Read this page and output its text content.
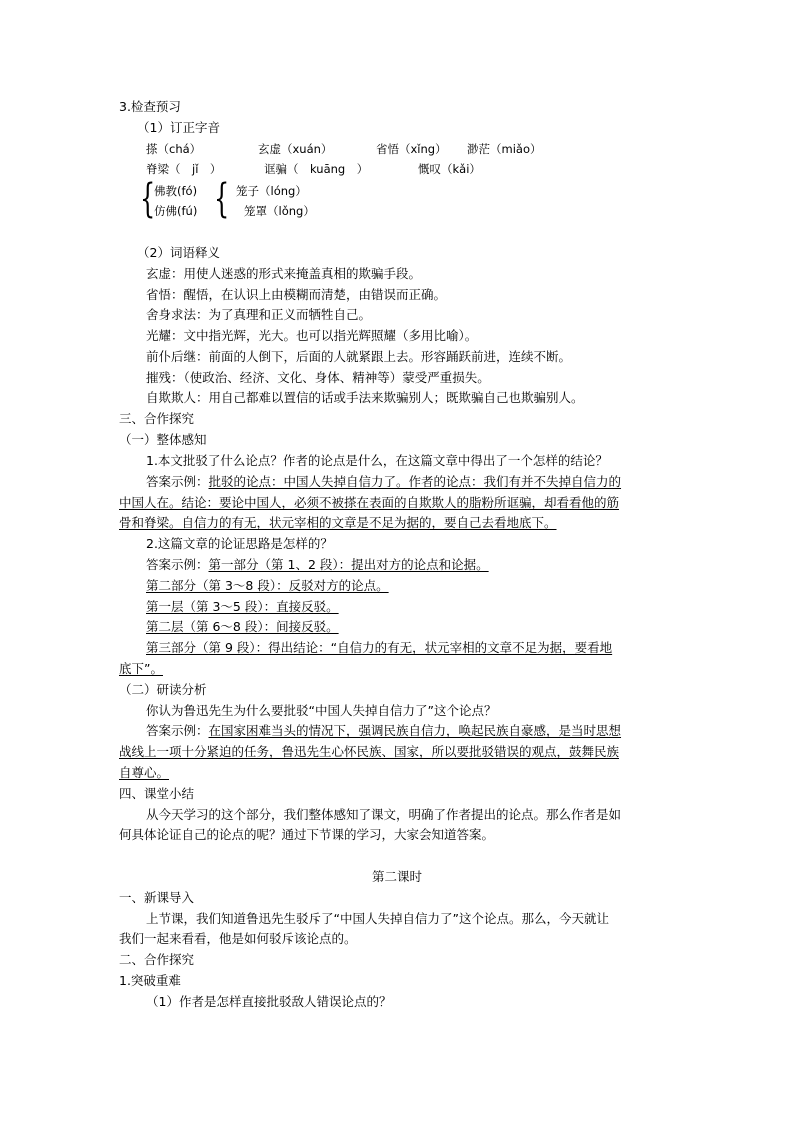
3.检查预习
（1）订正字音
搽（chá）	玄虚（xuán）	省悟（xǐng） 渺茫（miǎo）
脊梁（　jǐ　）	诓骗（　kuāng　）	慨叹（kǎi）
{
佛教(fó)
仿佛(fú) { 笼子（lóng）
笼罩（lǒng）
（2）词语释义
玄虚：用使人迷惑的形式来掩盖真相的欺骗手段。
省悟：醒悟，在认识上由模糊而清楚，由错误而正确。
舍身求法：为了真理和正义而牺牲自己。
光耀：文中指光辉，光大。也可以指光辉照耀（多用比喻）。
前仆后继：前面的人倒下，后面的人就紧跟上去。形容踊跃前进，连续不断。
摧残：（使政治、经济、文化、身体、精神等）蒙受严重损失。
自欺欺人：用自己都难以置信的话或手法来欺骗别人；既欺骗自己也欺骗别人。
三、合作探究
（一）整体感知
1.本文批驳了什么论点？作者的论点是什么，在这篇文章中得出了一个怎样的结论？
答案示例：批驳的论点：中国人失掉自信力了。作者的论点：我们有并不失掉自信力的
中国人在。结论：要论中国人，必须不被搽在表面的自欺欺人的脂粉所诓骗，却看看他的筋
骨和脊梁。自信力的有无，状元宰相的文章是不足为据的，要自己去看地底下。
2.这篇文章的论证思路是怎样的？
答案示例：第一部分（第 1、2 段）：提出对方的论点和论据。
第二部分（第 3～8 段）：反驳对方的论点。
第一层（第 3～5 段）：直接反驳。
第二层（第 6～8 段）：间接反驳。
第三部分（第 9 段）：得出结论：“自信力的有无，状元宰相的文章不足为据，要看地
底下”。
（二）研读分析
你认为鲁迅先生为什么要批驳“中国人失掉自信力了”这个论点？
答案示例：在国家困难当头的情况下，强调民族自信力，唤起民族自豪感，是当时思想
战线上一项十分紧迫的任务，鲁迅先生心怀民族、国家，所以要批驳错误的观点，鼓舞民族
自尊心。
四、课堂小结
从今天学习的这个部分，我们整体感知了课文，明确了作者提出的论点。那么作者是如
何具体论证自己的论点的呢？通过下节课的学习，大家会知道答案。
第二课时
一、新课导入
上节课，我们知道鲁迅先生驳斥了“中国人失掉自信力了”这个论点。那么，今天就让
我们一起来看看，他是如何驳斥该论点的。
二、合作探究
1.突破重难
（1）作者是怎样直接批驳敌人错误论点的？
